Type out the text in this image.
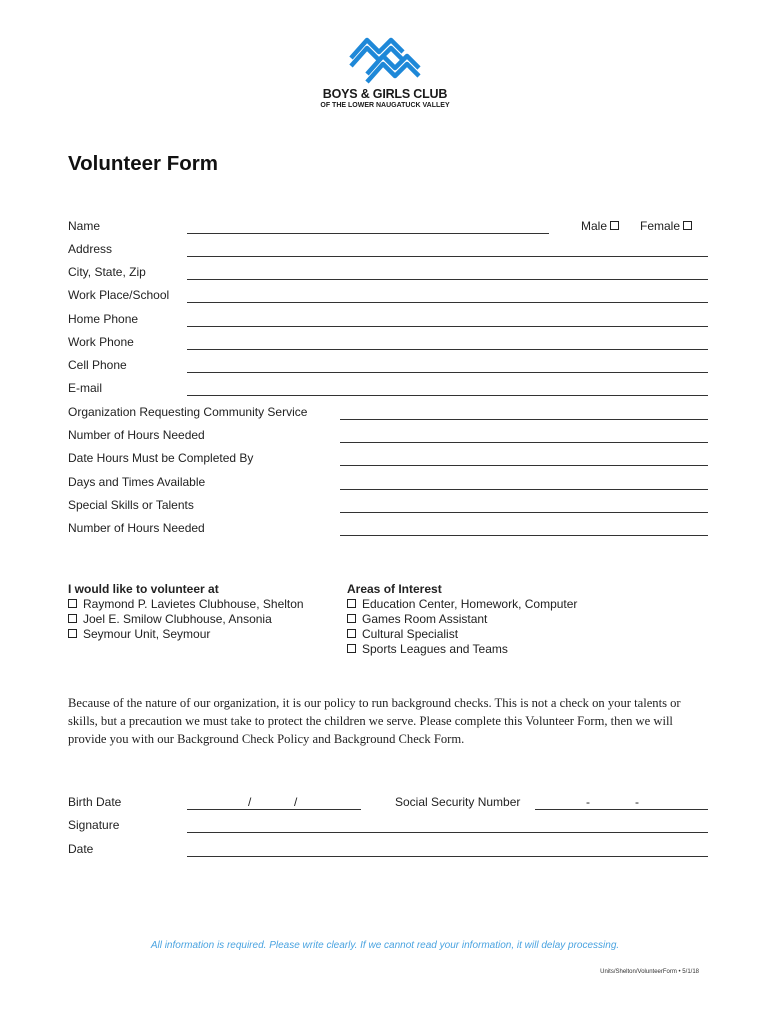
BOYS & GIRLS CLUB
OF THE LOWER NAUGATUCK VALLEY
Volunteer Form
Name	Male	Female
Address
City, State, Zip
Work Place/School
Home Phone
Work Phone
Cell Phone
E-mail
Organization Requesting Community Service
Number of Hours Needed
Date Hours Must be Completed By
Days and Times Available
Special Skills or Talents
Number of Hours Needed
I would like to volunteer at
Raymond P. Lavietes Clubhouse, Shelton
Joel E. Smilow Clubhouse, Ansonia
Seymour Unit, Seymour
Areas of Interest
Education Center, Homework, Computer
Games Room Assistant
Cultural Specialist
Sports Leagues and Teams
Because of the nature of our organization, it is our policy to run background checks. This is not a check on your talents or skills, but a precaution we must take to protect the children we serve. Please complete this Volunteer Form, then we will provide you with our Background Check Policy and Background Check Form.
Birth Date	/	/	Social Security Number	-	-
Signature
Date
All information is required. Please write clearly. If we cannot read your information, it will delay processing.
Units/Shelton/VolunteerForm • 5/1/18
